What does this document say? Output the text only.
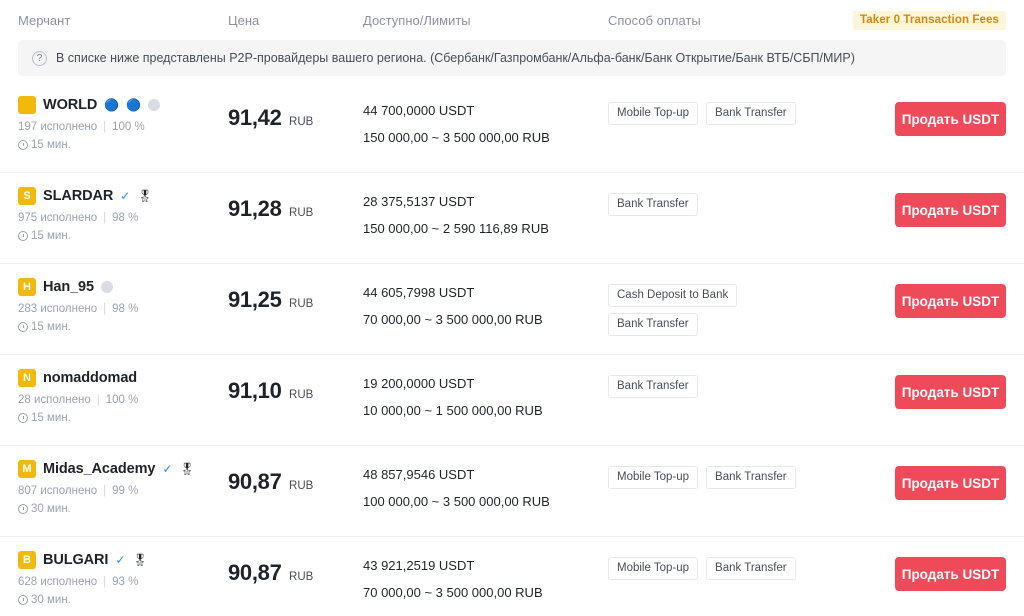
Мерчант	Цена	Доступно/Лимиты	Способ оплаты	Taker 0 Transaction Fees
?	В списке ниже представлены P2P-провайдеры вашего региона. (Сбербанк/Газпромбанк/Альфа-банк/Банк Открытие/Банк ВТБ/СБП/МИР)
WORLD 🔵 🔵
197 исполнено | 100 %
15 мин.
91,42 RUB
44 700,0000 USDT
150 000,00 ~ 3 500 000,00 RUB
Mobile Top-up	Bank Transfer	Продать USDT
S SLARDAR ✓️ 🎖
975 исполнено | 98 %
15 мин.
91,28 RUB
28 375,5137 USDT
150 000,00 ~ 2 590 116,89 RUB
Bank Transfer	Продать USDT
H Han_95
283 исполнено | 98 %
15 мин.
91,25 RUB
44 605,7998 USDT
70 000,00 ~ 3 500 000,00 RUB
Cash Deposit to Bank
Bank Transfer
Продать USDT
N nomaddomad
28 исполнено | 100 %
15 мин.
91,10 RUB
19 200,0000 USDT
10 000,00 ~ 1 500 000,00 RUB
Bank Transfer	Продать USDT
M Midas_Academy ✓️ 🎖
807 исполнено | 99 %
30 мин.
90,87 RUB
48 857,9546 USDT
100 000,00 ~ 3 500 000,00 RUB
Mobile Top-up	Bank Transfer	Продать USDT
B BULGARI ✓️ 🎖
628 исполнено | 93 %
30 мин.
90,87 RUB
43 921,2519 USDT
70 000,00 ~ 3 500 000,00 RUB
Mobile Top-up	Bank Transfer	Продать USDT
